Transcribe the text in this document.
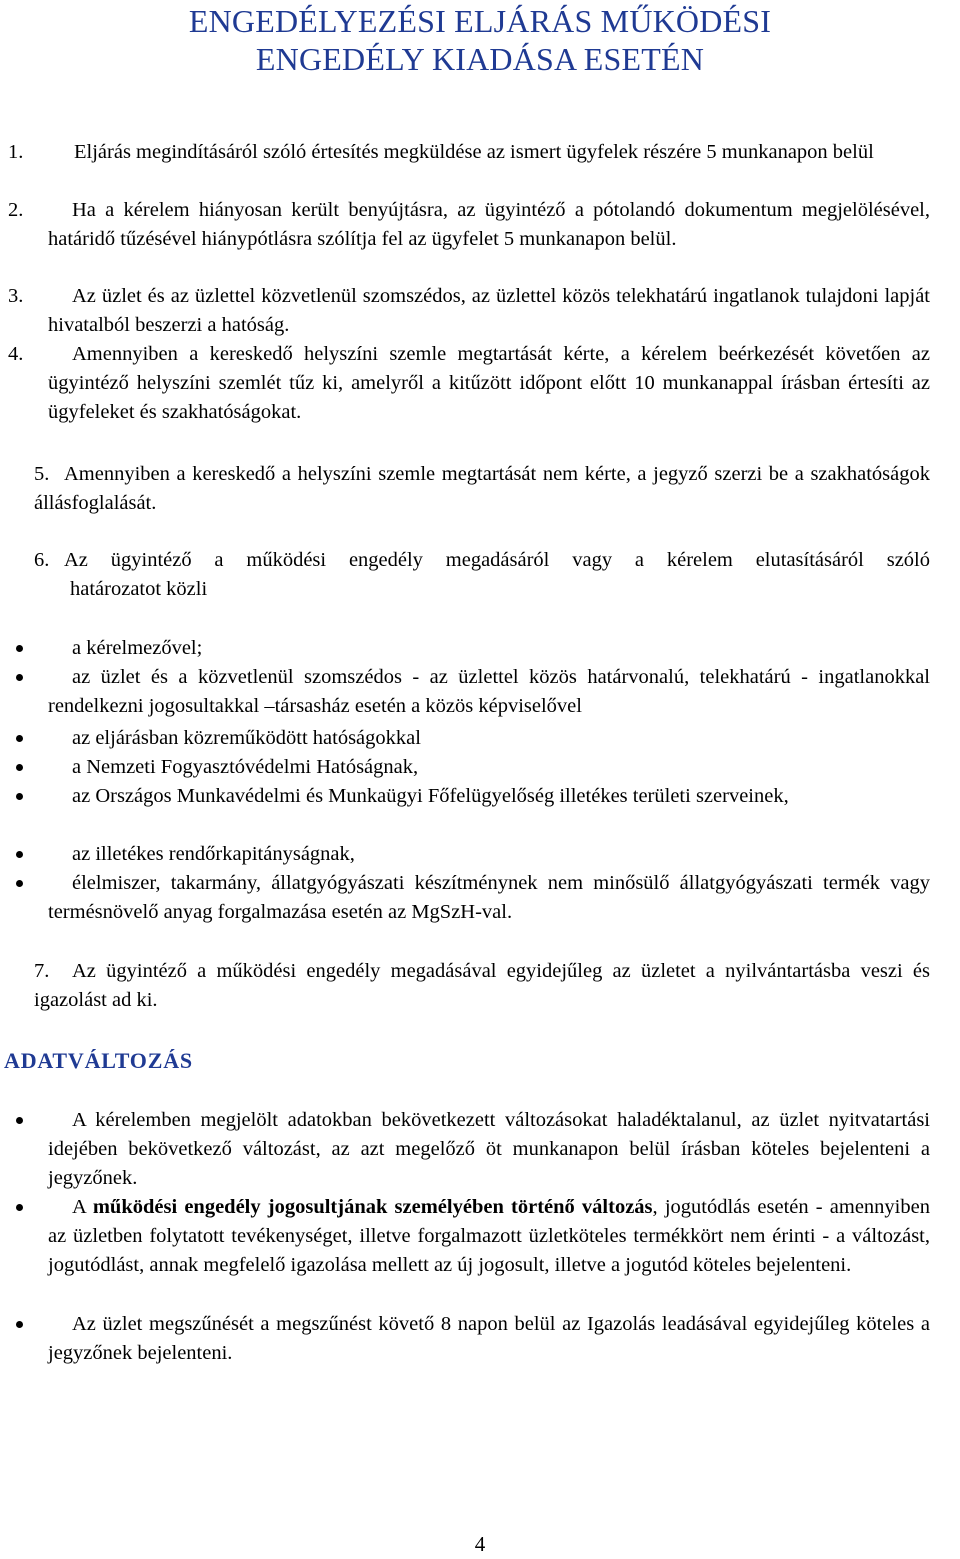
ENGEDÉLYEZÉSI ELJÁRÁS MŰKÖDÉSI
ENGEDÉLY KIADÁSA ESETÉN
1.	Eljárás megindításáról szóló értesítés megküldése az ismert ügyfelek részére 5 munkanapon belül
2.	Ha a kérelem hiányosan került benyújtásra, az ügyintéző a pótolandó dokumentum megjelölésével, határidő tűzésével hiánypótlásra szólítja fel az ügyfelet 5 munkanapon belül.
3.	Az üzlet és az üzlettel közvetlenül szomszédos, az üzlettel közös telekhatárú ingatlanok tulajdoni lapját hivatalból beszerzi a hatóság.
4.	Amennyiben a kereskedő helyszíni szemle megtartását kérte, a kérelem beérkezését követően az ügyintéző helyszíni szemlét tűz ki, amelyről a kitűzött időpont előtt 10 munkanappal írásban értesíti az ügyfeleket és szakhatóságokat.
5. Amennyiben a kereskedő a helyszíni szemle megtartását nem kérte, a jegyző szerzi be a szakhatóságok állásfoglalását.
6. Az ügyintéző a működési engedély megadásáról vagy a kérelem elutasításáról szóló
határozatot közli
a kérelmezővel;
az üzlet és a közvetlenül szomszédos - az üzlettel közös határvonalú, telekhatárú - ingatlanokkal rendelkezni jogosultakkal –társasház esetén a közös képviselővel
az eljárásban közreműködött hatóságokkal
a Nemzeti Fogyasztóvédelmi Hatóságnak,
az Országos Munkavédelmi és Munkaügyi Főfelügyelőség illetékes területi szerveinek,
az illetékes rendőrkapitányságnak,
élelmiszer, takarmány, állatgyógyászati készítménynek nem minősülő állatgyógyászati termék vagy termésnövelő anyag forgalmazása esetén az MgSzH-val.
7.	Az ügyintéző a működési engedély megadásával egyidejűleg az üzletet a nyilvántartásba veszi és igazolást ad ki.
ADATVÁLTOZÁS
A kérelemben megjelölt adatokban bekövetkezett változásokat haladéktalanul, az üzlet nyitvatartási idejében bekövetkező változást, az azt megelőző öt munkanapon belül írásban köteles bejelenteni a jegyzőnek.
A működési engedély jogosultjának személyében történő változás, jogutódlás esetén - amennyiben az üzletben folytatott tevékenységet, illetve forgalmazott üzletköteles termékkört nem érinti - a változást, jogutódlást, annak megfelelő igazolása mellett az új jogosult, illetve a jogutód köteles bejelenteni.
Az üzlet megszűnését a megszűnést követő 8 napon belül az Igazolás leadásával egyidejűleg köteles a jegyzőnek bejelenteni.
4
